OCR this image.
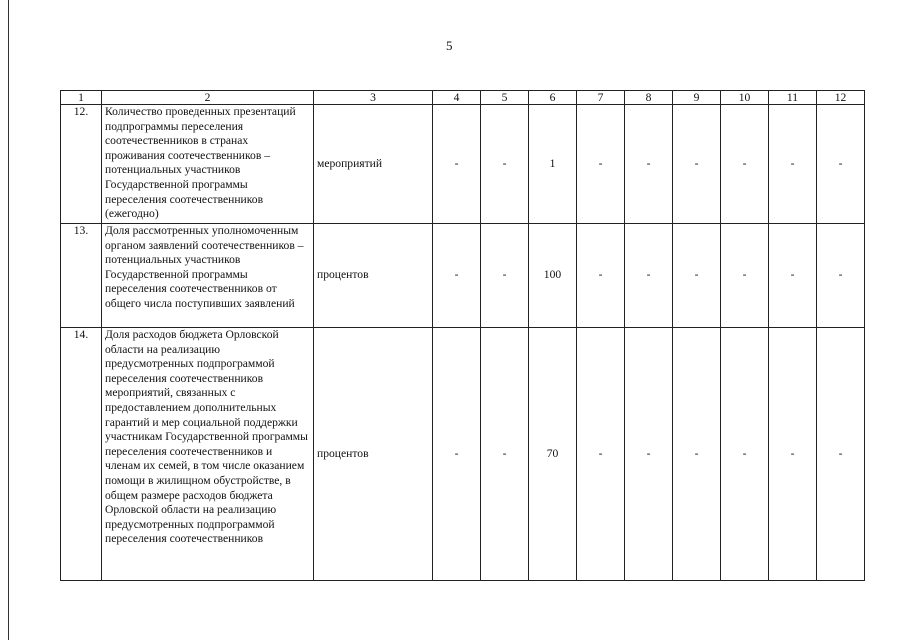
5
1	2	3	4	5	6	7	8	9	10	11	12
12.	Количество проведенных презентаций подпрограммы переселения соотечественников в странах проживания соотечественников – потенциальных участников Государственной программы переселения соотечественников (ежегодно)	мероприятий	-	-	1	-	-	-	-	-	-
13.	Доля рассмотренных уполномоченным органом заявлений соотечественников – потенциальных участников Государственной программы переселения соотечественников от общего числа поступивших заявлений	процентов	-	-	100	-	-	-	-	-	-
14.	Доля расходов бюджета Орловской области на реализацию предусмотренных подпрограммой переселения соотечественников мероприятий, связанных с предоставлением дополнительных гарантий и мер социальной поддержки участникам Государственной программы переселения соотечественников и членам их семей, в том числе оказанием помощи в жилищном обустройстве, в общем размере расходов бюджета Орловской области на реализацию предусмотренных подпрограммой переселения соотечественников	процентов	-	-	70	-	-	-	-	-	-
